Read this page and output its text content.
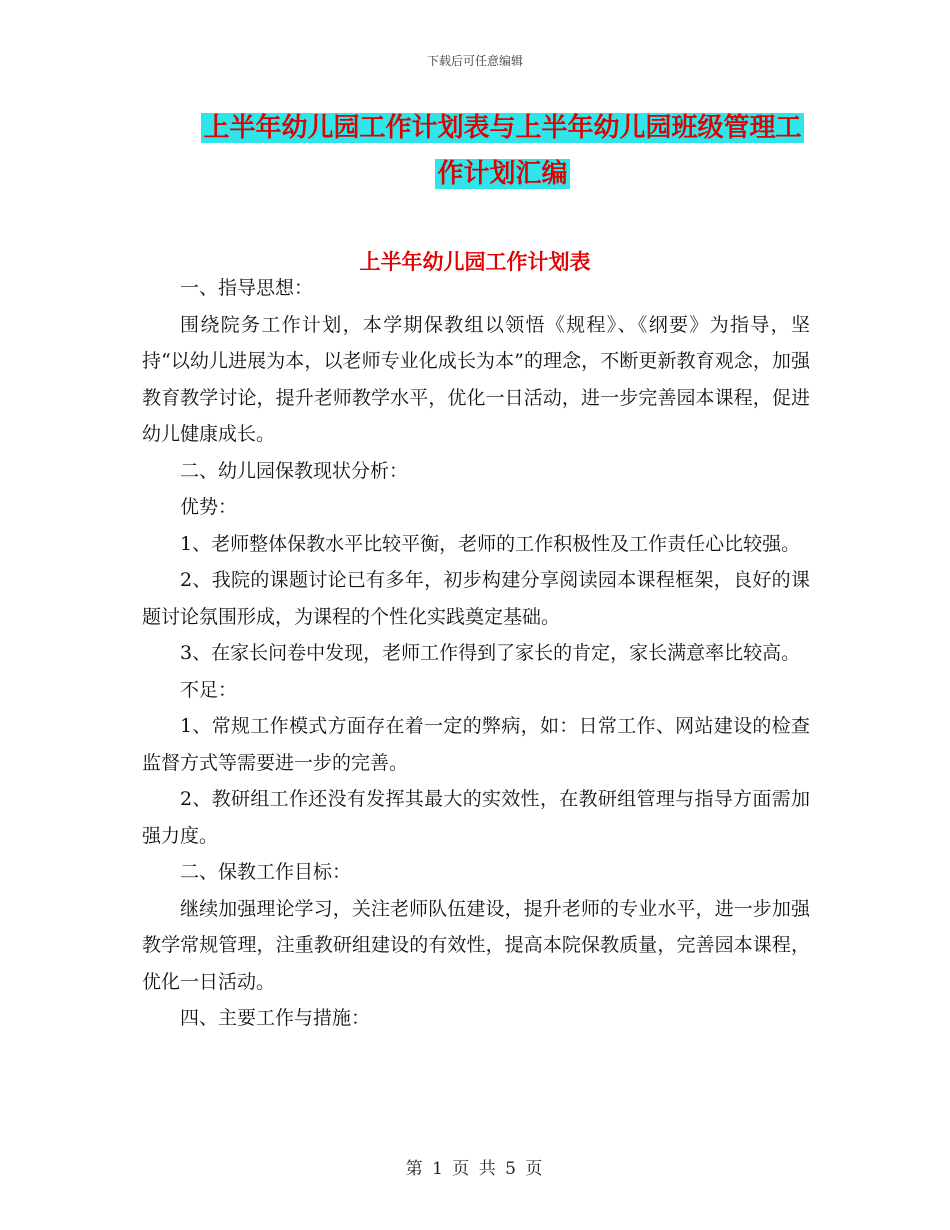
下载后可任意编辑
上半年幼儿园工作计划表与上半年幼儿园班级管理工
作计划汇编
上半年幼儿园工作计划表

一、指导思想：

围绕院务工作计划，本学期保教组以领悟《规程》、《纲要》为指导，坚持“以幼儿进展为本，以老师专业化成长为本”的理念，不断更新教育观念，加强教育教学讨论，提升老师教学水平，优化一日活动，进一步完善园本课程，促进幼儿健康成长。

二、幼儿园保教现状分析：

优势：

1、老师整体保教水平比较平衡，老师的工作积极性及工作责任心比较强。

2、我院的课题讨论已有多年，初步构建分享阅读园本课程框架，良好的课题讨论氛围形成，为课程的个性化实践奠定基础。

3、在家长问卷中发现，老师工作得到了家长的肯定，家长满意率比较高。

不足：

1、常规工作模式方面存在着一定的弊病，如：日常工作、网站建设的检查监督方式等需要进一步的完善。

2、教研组工作还没有发挥其最大的实效性，在教研组管理与指导方面需加强力度。

二、保教工作目标：

继续加强理论学习，关注老师队伍建设，提升老师的专业水平，进一步加强教学常规管理，注重教研组建设的有效性，提高本院保教质量，完善园本课程，优化一日活动。

四、主要工作与措施：

第 1 页 共 5 页
